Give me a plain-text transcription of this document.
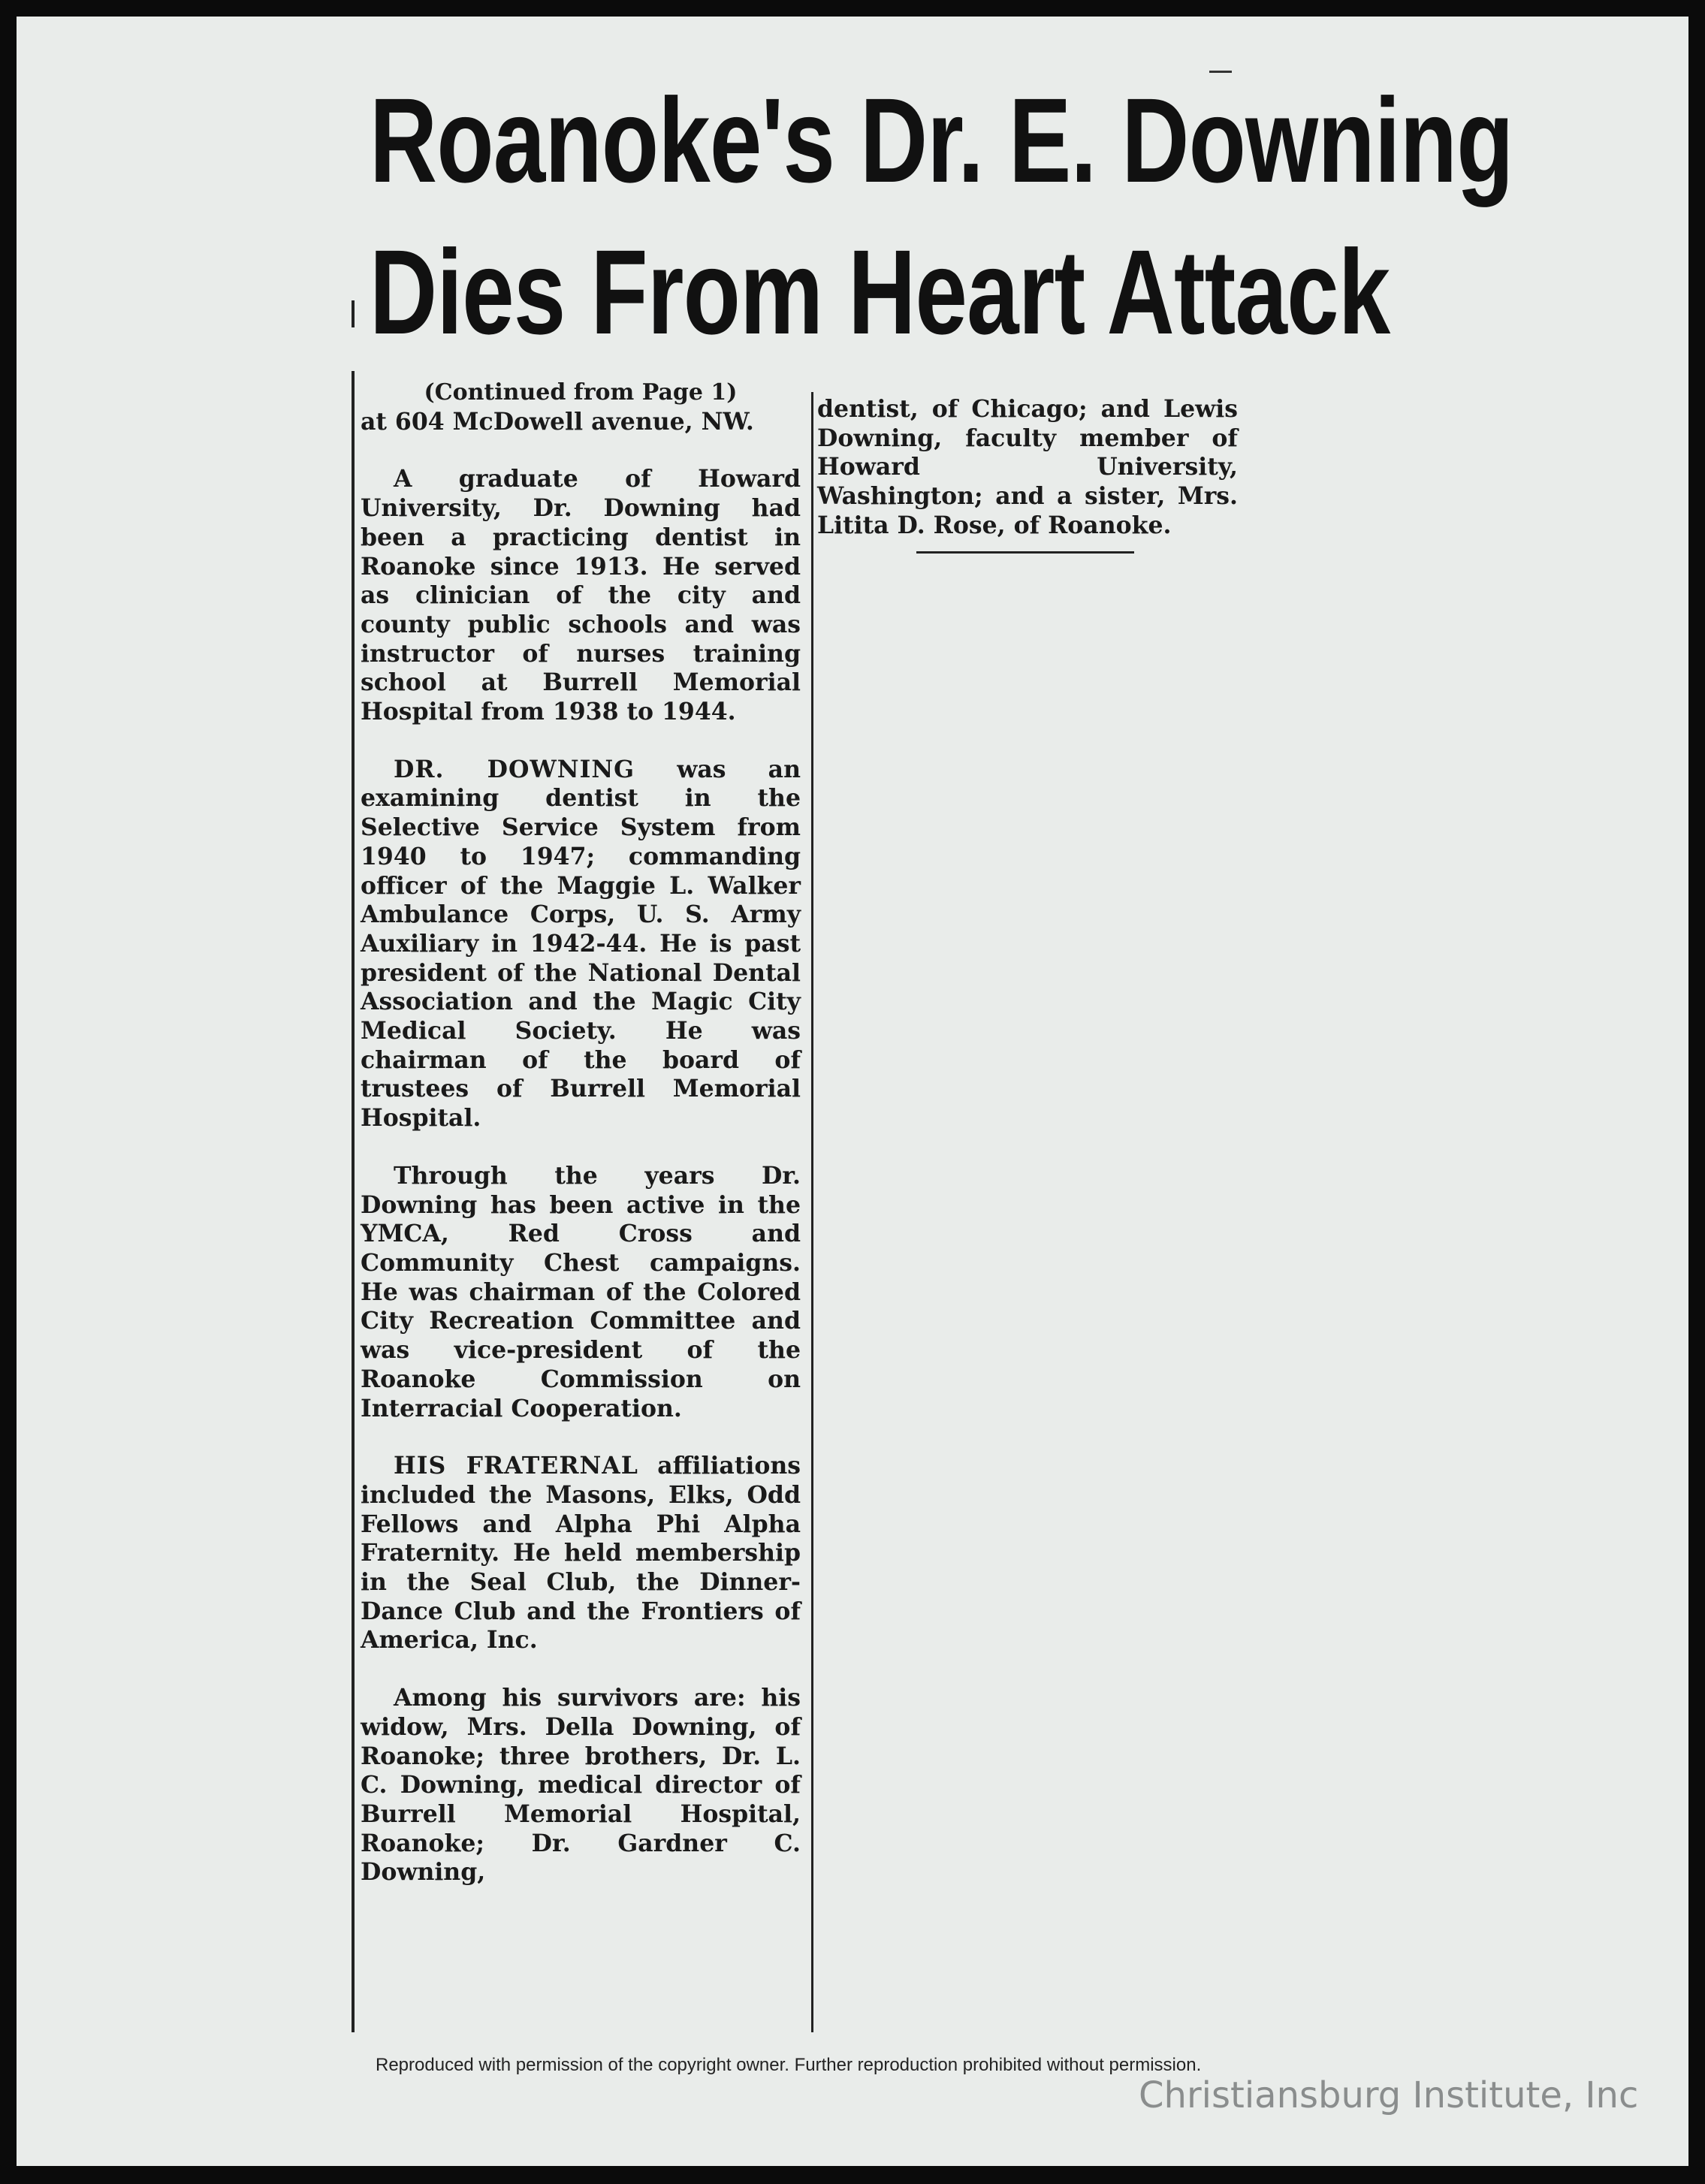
Roanoke's Dr. E. Downing
Dies From Heart Attack

(Continued from Page 1)

at 604 McDowell avenue, NW.

A graduate of Howard University, Dr. Downing had been a practicing dentist in Roanoke since 1913. He served as clinician of the city and county public schools and was instructor of nurses training school at Burrell Memorial Hospital from 1938 to 1944.

DR. DOWNING was an examining dentist in the Selective Service System from 1940 to 1947; commanding officer of the Maggie L. Walker Ambulance Corps, U. S. Army Auxiliary in 1942-44. He is past president of the National Dental Association and the Magic City Medical Society. He was chairman of the board of trustees of Burrell Memorial Hospital.

Through the years Dr. Downing has been active in the YMCA, Red Cross and Community Chest campaigns. He was chairman of the Colored City Recreation Committee and was vice-president of the Roanoke Commission on Interracial Cooperation.

HIS FRATERNAL affiliations included the Masons, Elks, Odd Fellows and Alpha Phi Alpha Fraternity. He held membership in the Seal Club, the Dinner-Dance Club and the Frontiers of America, Inc.

Among his survivors are: his widow, Mrs. Della Downing, of Roanoke; three brothers, Dr. L. C. Downing, medical director of Burrell Memorial Hospital, Roanoke; Dr. Gardner C. Downing,

dentist, of Chicago; and Lewis Downing, faculty member of Howard University, Washington; and a sister, Mrs. Litita D. Rose, of Roanoke.

Reproduced with permission of the copyright owner. Further reproduction prohibited without permission.
Christiansburg Institute, Inc
